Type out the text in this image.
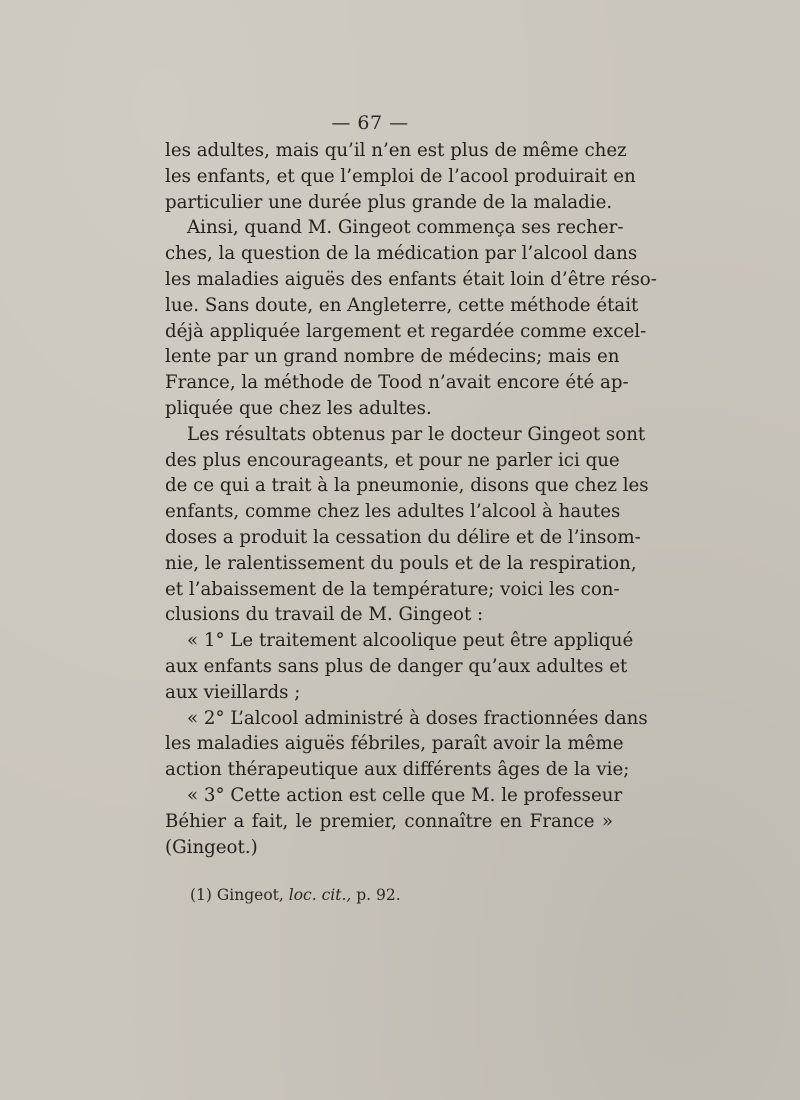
— 67 —
les adultes, mais qu’il n’en est plus de même chez
les enfants, et que l’emploi de l’acool produirait en
particulier une durée plus grande de la maladie.
Ainsi, quand M. Gingeot commença ses recher-
ches, la question de la médication par l’alcool dans
les maladies aiguës des enfants était loin d’être réso-
lue. Sans doute, en Angleterre, cette méthode était
déjà appliquée largement et regardée comme excel-
lente par un grand nombre de médecins; mais en
France, la méthode de Tood n’avait encore été ap-
pliquée que chez les adultes.
Les résultats obtenus par le docteur Gingeot sont
des plus encourageants, et pour ne parler ici que
de ce qui a trait à la pneumonie, disons que chez les
enfants, comme chez les adultes l’alcool à hautes
doses a produit la cessation du délire et de l’insom-
nie, le ralentissement du pouls et de la respiration,
et l’abaissement de la température; voici les con-
clusions du travail de M. Gingeot :
« 1° Le traitement alcoolique peut être appliqué
aux enfants sans plus de danger qu’aux adultes et
aux vieillards ;
« 2° L’alcool administré à doses fractionnées dans
les maladies aiguës fébriles, paraît avoir la même
action thérapeutique aux différents âges de la vie;
« 3° Cette action est celle que M. le professeur
Béhier a fait, le premier, connaître en France »
(Gingeot.)
(1) Gingeot, loc. cit., p. 92.
